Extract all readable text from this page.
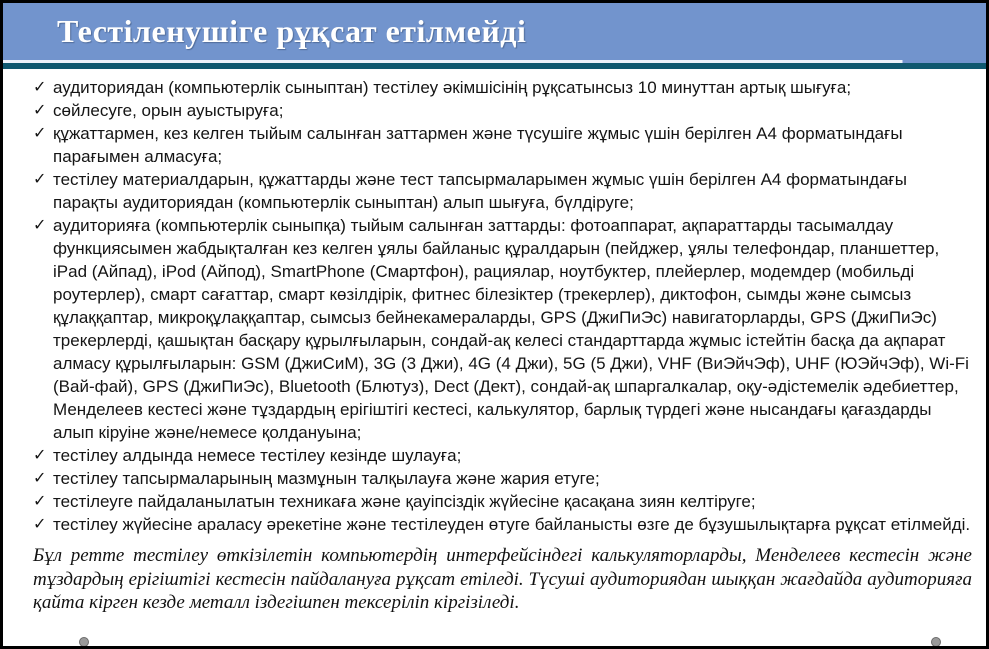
Тестіленушіге рұқсат етілмейді
✓ аудиториядан (компьютерлік сыныптан) тестілеу әкімшісінің рұқсатынсыз 10 минуттан артық шығуға;
✓ сөйлесуге, орын ауыстыруға;
✓ құжаттармен, кез келген тыйым салынған заттармен және түсушіге жұмыс үшін берілген А4 форматындағы парағымен алмасуға;
✓ тестілеу материалдарын, құжаттарды және тест тапсырмаларымен жұмыс үшін берілген А4 форматындағы парақты аудиториядан (компьютерлік сыныптан) алып шығуға, бүлдіруге;
✓ аудиторияға (компьютерлік сыныпқа) тыйым салынған заттарды: фотоаппарат, ақпараттарды тасымалдау функциясымен жабдықталған кез келген ұялы байланыс құралдарын (пейджер, ұялы телефондар, планшеттер, iPad (Айпад), iPod (Айпод), SmartPhone (Смартфон), рациялар, ноутбуктер, плейерлер, модемдер (мобильді роутерлер), смарт сағаттар, смарт көзілдірік, фитнес білезіктер (трекерлер), диктофон, сымды және сымсыз құлаққаптар, микроқұлаққаптар, сымсыз бейнекамераларды, GPS (ДжиПиЭс) навигаторларды, GPS (ДжиПиЭс) трекерлерді, қашықтан басқару құрылғыларын, сондай-ақ келесі стандарттарда жұмыс істейтін басқа да ақпарат алмасу құрылғыларын: GSM (ДжиСиМ), 3G (3 Джи), 4G (4 Джи), 5G (5 Джи), VHF (ВиЭйчЭф), UHF (ЮЭйчЭф), Wi-Fi (Вай-фай), GPS (ДжиПиЭс), Bluetooth (Блютуз), Dect (Дект), сондай-ақ шпаргалкалар, оқу-әдістемелік әдебиеттер, Менделеев кестесі және тұздардың ерігіштігі кестесі, калькулятор, барлық түрдегі және нысандағы қағаздарды алып кіруіне және/немесе қолдануына;
✓ тестілеу алдында немесе тестілеу кезінде шулауға;
✓ тестілеу тапсырмаларының мазмұнын талқылауға және жария етуге;
✓ тестілеуге пайдаланылатын техникаға және қауіпсіздік жүйесіне қасақана зиян келтіруге;
✓ тестілеу жүйесіне араласу әрекетіне және тестілеуден өтуге байланысты өзге де бұзушылықтарға рұқсат етілмейді.

Бұл ретте тестілеу өткізілетін компьютердің интерфейсіндегі калькуляторларды, Менделеев кестесін және тұздардың ерігіштігі кестесін пайдалануға рұқсат етіледі. Түсуші аудиториядан шыққан жағдайда аудиторияға қайта кірген кезде металл іздегішпен тексеріліп кіргізіледі.
